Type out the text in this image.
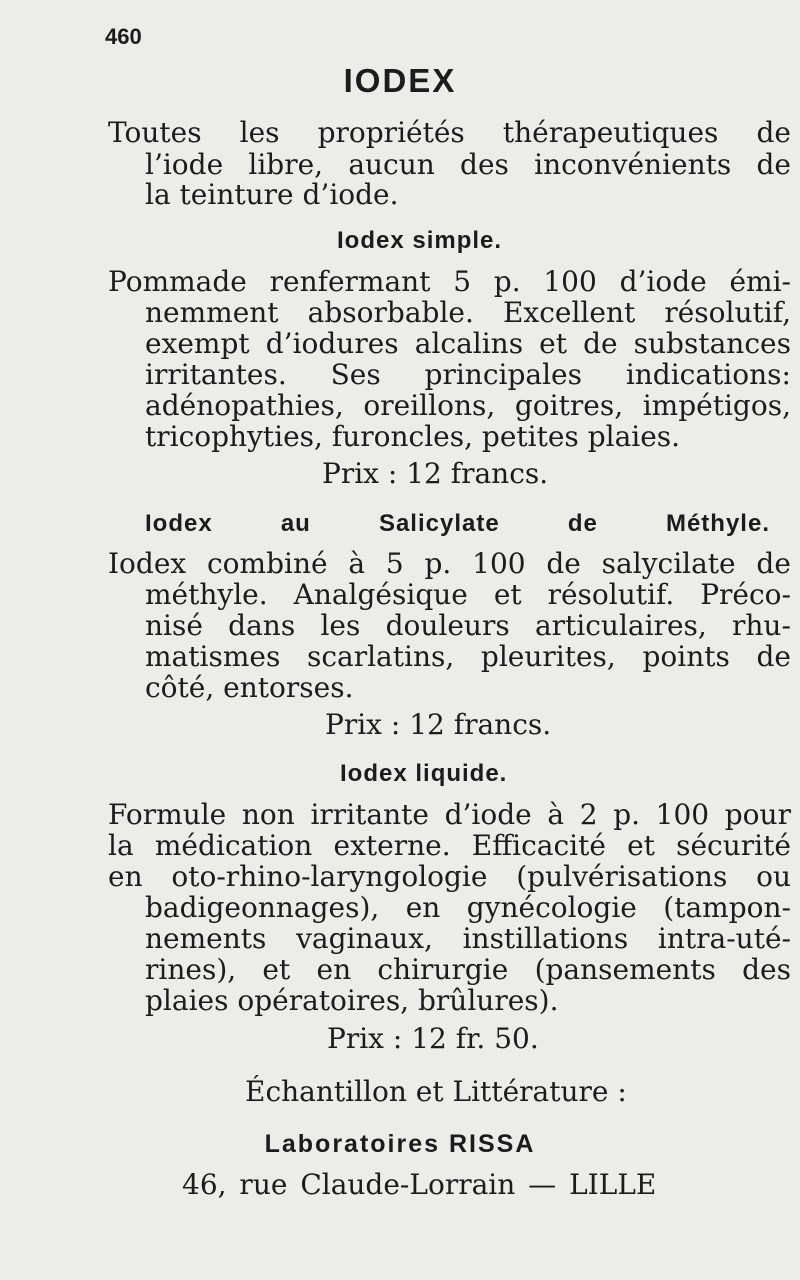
460
IODEX
Toutes les propriétés thérapeutiques de
l’iode libre, aucun des inconvénients de
la teinture d’iode.
Iodex simple.
Pommade renfermant 5 p. 100 d’iode émi-
nemment absorbable. Excellent résolutif,
exempt d’iodures alcalins et de substances
irritantes. Ses principales indications:
adénopathies, oreillons, goitres, impétigos,
tricophyties, furoncles, petites plaies.
Prix : 12 francs.
Iodex	au	Salicylate	de	Méthyle.
Iodex combiné à 5 p. 100 de salycilate de
méthyle. Analgésique et résolutif. Préco-
nisé dans les douleurs articulaires, rhu-
matismes scarlatins, pleurites, points de
côté, entorses.
Prix : 12 francs.
Iodex liquide.
Formule non irritante d’iode à 2 p. 100 pour
la médication externe. Efficacité et sécurité
en oto-rhino-laryngologie (pulvérisations ou
badigeonnages), en gynécologie (tampon-
nements vaginaux, instillations intra-uté-
rines), et en chirurgie (pansements des
plaies opératoires, brûlures).
Prix : 12 fr. 50.
Échantillon et Littérature :
Laboratoires RISSA
46, rue Claude-Lorrain — LILLE
